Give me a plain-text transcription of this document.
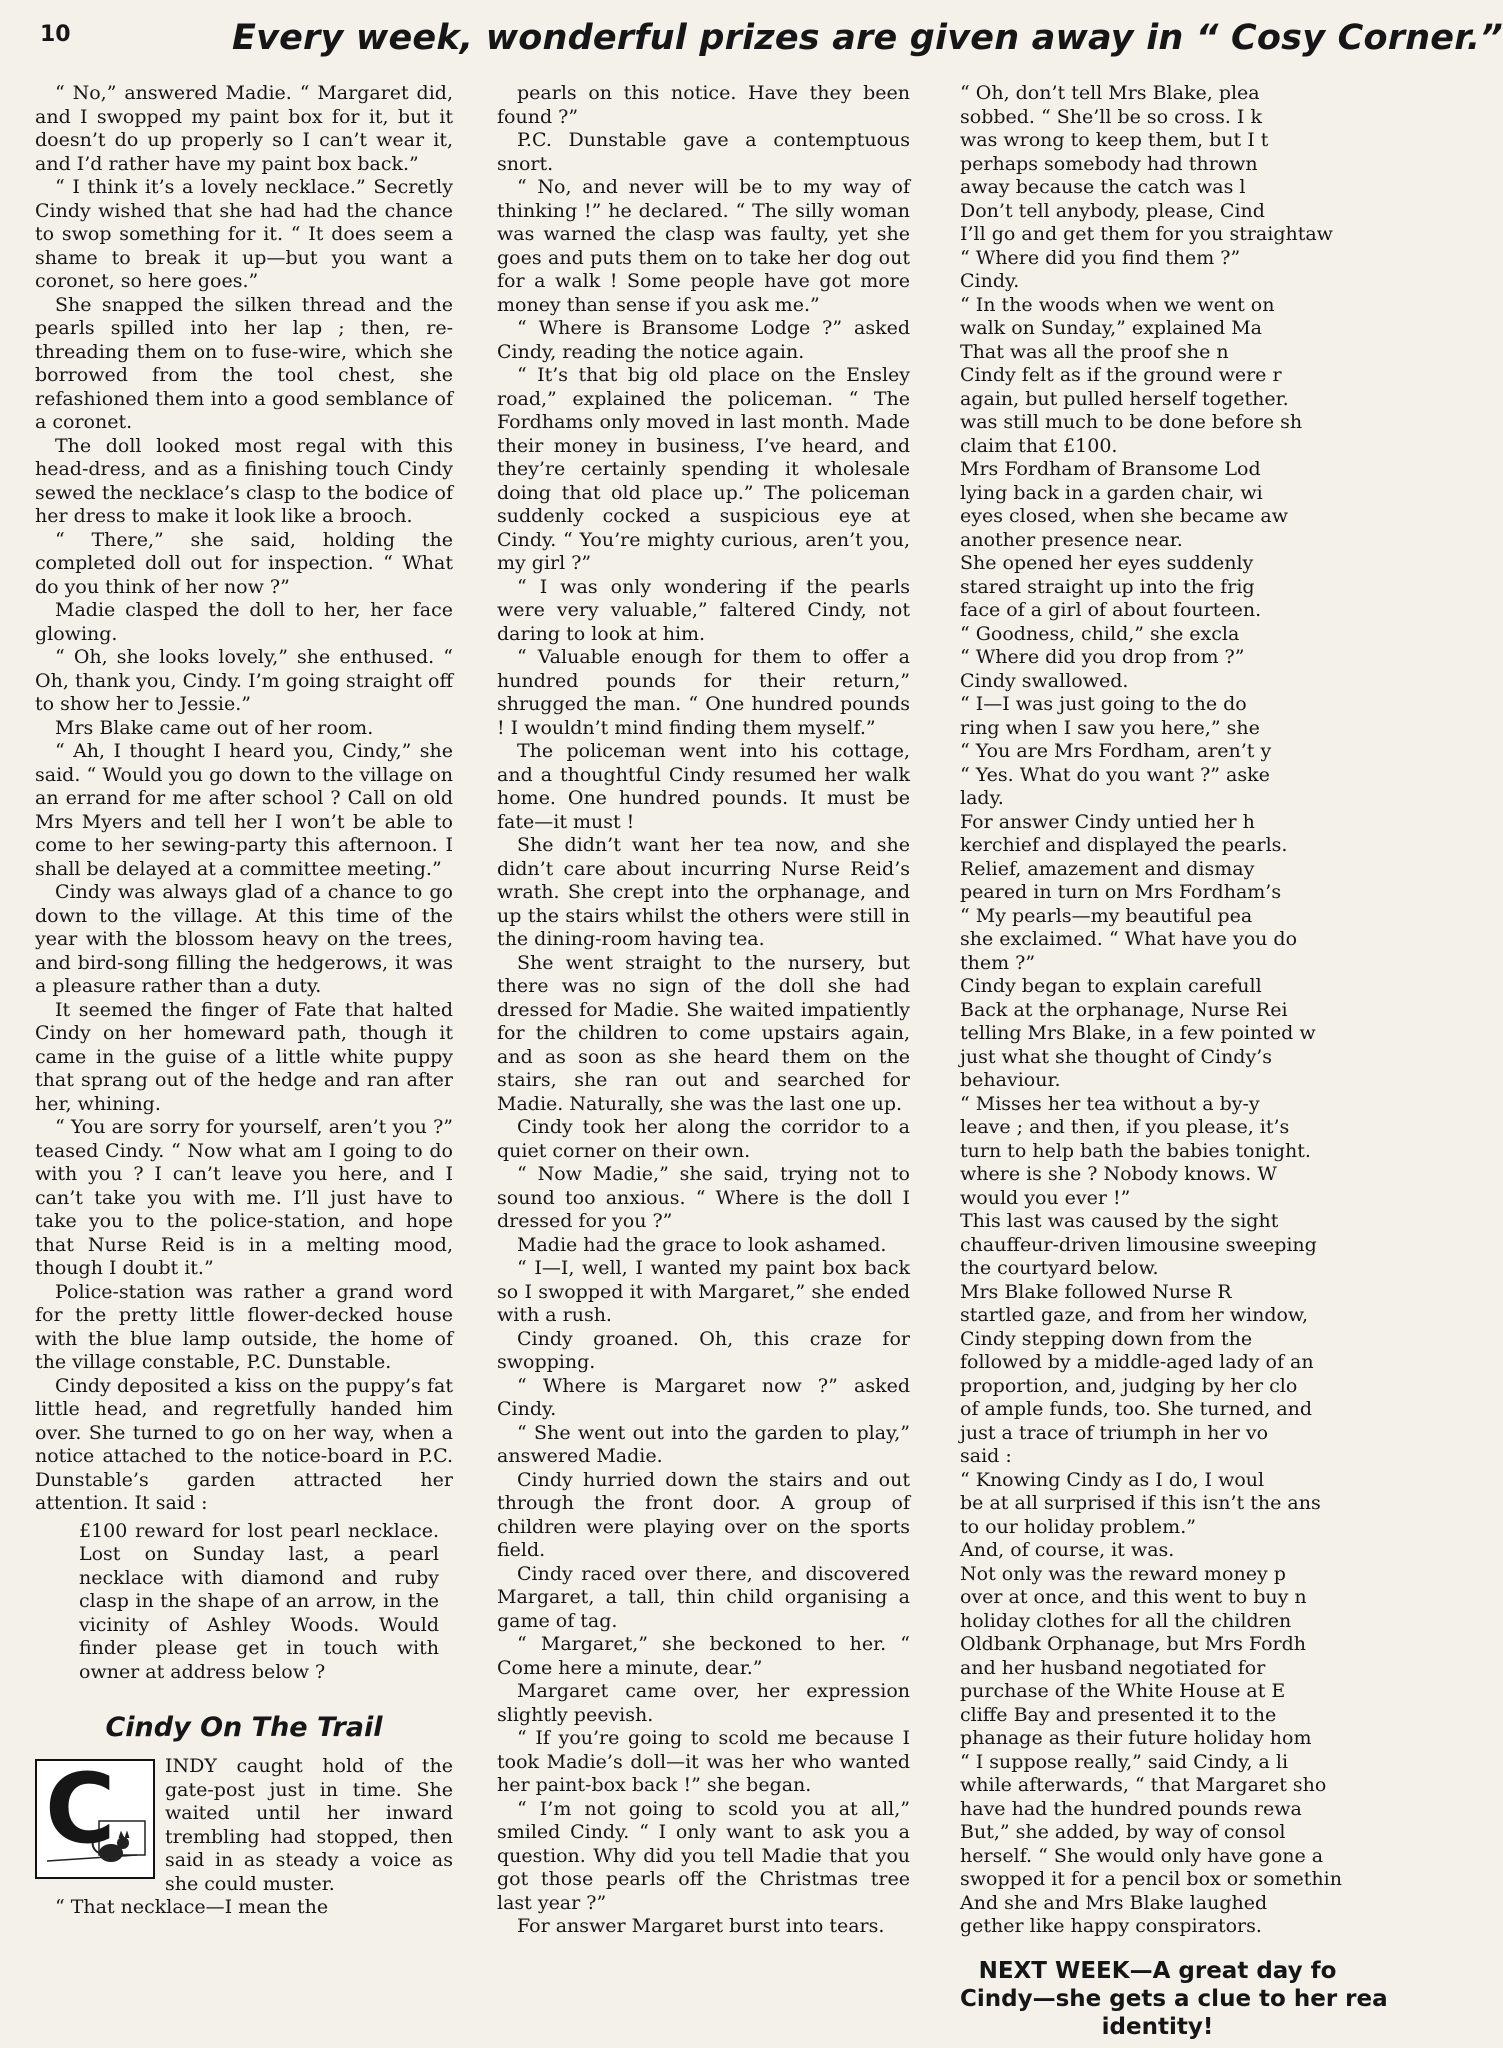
10	Every week, wonderful prizes are given away in “ Cosy Corner.”

“ No,” answered Madie. “ Margaret did, and I swopped my paint box for it, but it doesn’t do up properly so I can’t wear it, and I’d rather have my paint box back.”

“ I think it’s a lovely necklace.” Secretly Cindy wished that she had had the chance to swop something for it. “ It does seem a shame to break it up—but you want a coronet, so here goes.”

She snapped the silken thread and the pearls spilled into her lap ; then, re-threading them on to fuse-wire, which she borrowed from the tool chest, she refashioned them into a good semblance of a coronet.

The doll looked most regal with this head-dress, and as a finishing touch Cindy sewed the necklace’s clasp to the bodice of her dress to make it look like a brooch.

“ There,” she said, holding the completed doll out for inspection. “ What do you think of her now ?”

Madie clasped the doll to her, her face glowing.

“ Oh, she looks lovely,” she enthused. “ Oh, thank you, Cindy. I’m going straight off to show her to Jessie.”

Mrs Blake came out of her room.

“ Ah, I thought I heard you, Cindy,” she said. “ Would you go down to the village on an errand for me after school ? Call on old Mrs Myers and tell her I won’t be able to come to her sewing-party this afternoon. I shall be delayed at a committee meeting.”

Cindy was always glad of a chance to go down to the village. At this time of the year with the blossom heavy on the trees, and bird-song filling the hedgerows, it was a pleasure rather than a duty.

It seemed the finger of Fate that halted Cindy on her homeward path, though it came in the guise of a little white puppy that sprang out of the hedge and ran after her, whining.

“ You are sorry for yourself, aren’t you ?” teased Cindy. “ Now what am I going to do with you ? I can’t leave you here, and I can’t take you with me. I’ll just have to take you to the police-station, and hope that Nurse Reid is in a melting mood, though I doubt it.”

Police-station was rather a grand word for the pretty little flower-decked house with the blue lamp outside, the home of the village constable, P.C. Dunstable.

Cindy deposited a kiss on the puppy’s fat little head, and regretfully handed him over. She turned to go on her way, when a notice attached to the notice-board in P.C. Dunstable’s garden attracted her attention. It said :

£100 reward for lost pearl necklace. Lost on Sunday last, a pearl necklace with diamond and ruby clasp in the shape of an arrow, in the vicinity of Ashley Woods. Would finder please get in touch with owner at address below ?

Cindy On The Trail
C	INDY caught hold of the gate-post just in time. She waited until her inward trembling had stopped, then said in as steady a voice as she could muster.

“ That necklace—I mean the

pearls on this notice. Have they been found ?”

P.C. Dunstable gave a contemptuous snort.

“ No, and never will be to my way of thinking !” he declared. “ The silly woman was warned the clasp was faulty, yet she goes and puts them on to take her dog out for a walk ! Some people have got more money than sense if you ask me.”

“ Where is Bransome Lodge ?” asked Cindy, reading the notice again.

“ It’s that big old place on the Ensley road,” explained the policeman. “ The Fordhams only moved in last month. Made their money in business, I’ve heard, and they’re certainly spending it wholesale doing that old place up.” The policeman suddenly cocked a suspicious eye at Cindy. “ You’re mighty curious, aren’t you, my girl ?”

“ I was only wondering if the pearls were very valuable,” faltered Cindy, not daring to look at him.

“ Valuable enough for them to offer a hundred pounds for their return,” shrugged the man. “ One hundred pounds ! I wouldn’t mind finding them myself.”

The policeman went into his cottage, and a thoughtful Cindy resumed her walk home. One hundred pounds. It must be fate—it must !

She didn’t want her tea now, and she didn’t care about incurring Nurse Reid’s wrath. She crept into the orphanage, and up the stairs whilst the others were still in the dining-room having tea.

She went straight to the nursery, but there was no sign of the doll she had dressed for Madie. She waited impatiently for the children to come upstairs again, and as soon as she heard them on the stairs, she ran out and searched for Madie. Naturally, she was the last one up.

Cindy took her along the corridor to a quiet corner on their own.

“ Now Madie,” she said, trying not to sound too anxious. “ Where is the doll I dressed for you ?”

Madie had the grace to look ashamed.

“ I—I, well, I wanted my paint box back so I swopped it with Margaret,” she ended with a rush.

Cindy groaned. Oh, this craze for swopping.

“ Where is Margaret now ?” asked Cindy.

“ She went out into the garden to play,” answered Madie.

Cindy hurried down the stairs and out through the front door. A group of children were playing over on the sports field.

Cindy raced over there, and discovered Margaret, a tall, thin child organising a game of tag.

“ Margaret,” she beckoned to her. “ Come here a minute, dear.”

Margaret came over, her expression slightly peevish.

“ If you’re going to scold me because I took Madie’s doll—it was her who wanted her paint-box back !” she began.

“ I’m not going to scold you at all,” smiled Cindy. “ I only want to ask you a question. Why did you tell Madie that you got those pearls off the Christmas tree last year ?”

For answer Margaret burst into tears.

“ Oh, don’t tell Mrs Blake, plea
sobbed. “ She’ll be so cross. I k
was wrong to keep them, but I t
perhaps somebody had thrown
away because the catch was l
Don’t tell anybody, please, Cind
I’ll go and get them for you straightaw
“ Where did you find them ?”
Cindy.
“ In the woods when we went on
walk on Sunday,” explained Ma
That was all the proof she n
Cindy felt as if the ground were r
again, but pulled herself together.
was still much to be done before sh
claim that £100.
Mrs Fordham of Bransome Lod
lying back in a garden chair, wi
eyes closed, when she became aw
another presence near.
She opened her eyes suddenly
stared straight up into the frig
face of a girl of about fourteen.
“ Goodness, child,” she excla
“ Where did you drop from ?”
Cindy swallowed.
“ I—I was just going to the do
ring when I saw you here,” she
“ You are Mrs Fordham, aren’t y
“ Yes. What do you want ?” aske
lady.
For answer Cindy untied her h
kerchief and displayed the pearls.
Relief, amazement and dismay
peared in turn on Mrs Fordham’s
“ My pearls—my beautiful pea
she exclaimed. “ What have you do
them ?”
Cindy began to explain carefull
Back at the orphanage, Nurse Rei
telling Mrs Blake, in a few pointed w
just what she thought of Cindy’s
behaviour.
“ Misses her tea without a by-y
leave ; and then, if you please, it’s
turn to help bath the babies tonight.
where is she ? Nobody knows. W
would you ever !”
This last was caused by the sight
chauffeur-driven limousine sweeping
the courtyard below.
Mrs Blake followed Nurse R
startled gaze, and from her window,
Cindy stepping down from the
followed by a middle-aged lady of an
proportion, and, judging by her clo
of ample funds, too. She turned, and
just a trace of triumph in her vo
said :
“ Knowing Cindy as I do, I woul
be at all surprised if this isn’t the ans
to our holiday problem.”
And, of course, it was.
Not only was the reward money p
over at once, and this went to buy n
holiday clothes for all the children
Oldbank Orphanage, but Mrs Fordh
and her husband negotiated for
purchase of the White House at E
cliffe Bay and presented it to the
phanage as their future holiday hom
“ I suppose really,” said Cindy, a li
while afterwards, “ that Margaret sho
have had the hundred pounds rewa
But,” she added, by way of consol
herself. “ She would only have gone a
swopped it for a pencil box or somethin
And she and Mrs Blake laughed
gether like happy conspirators.
NEXT WEEK—A great day fo
Cindy—she gets a clue to her rea
identity!
